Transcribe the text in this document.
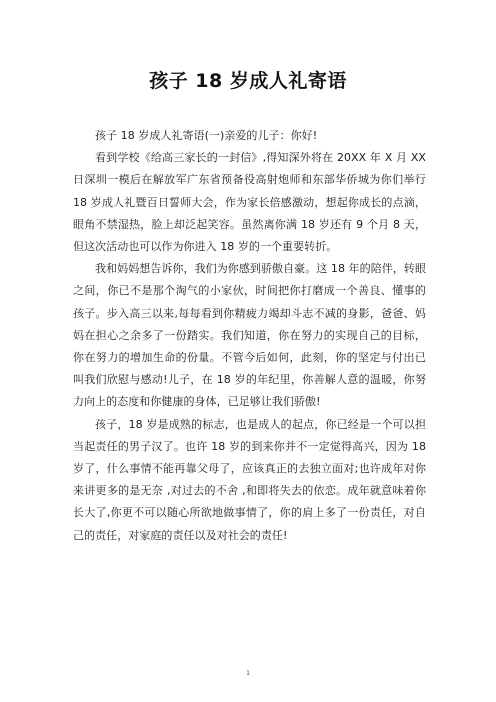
孩子 18 岁成人礼寄语

孩子 18 岁成人礼寄语(一)亲爱的儿子：你好!

看到学校《给高三家长的一封信》,得知深外将在 20XX 年 X 月 XX 日深圳一模后在解放军广东省预备役高射炮师和东部华侨城为你们举行 18 岁成人礼暨百日誓师大会，作为家长倍感激动，想起你成长的点滴，眼角不禁湿热，脸上却泛起笑容。虽然离你满 18 岁还有 9 个月 8 天，但这次活动也可以作为你进入 18 岁的一个重要转折。

我和妈妈想告诉你，我们为你感到骄傲自豪。这 18 年的陪伴，转眼之间，你已不是那个淘气的小家伙，时间把你打磨成一个善良、懂事的孩子。步入高三以来,每每看到你精疲力竭却斗志不减的身影，爸爸、妈妈在担心之余多了一份踏实。我们知道，你在努力的实现自己的目标，你在努力的增加生命的份量。不管今后如何，此刻，你的坚定与付出已叫我们欣慰与感动!儿子，在 18 岁的年纪里，你善解人意的温暖，你努力向上的态度和你健康的身体，已足够让我们骄傲!

孩子，18 岁是成熟的标志，也是成人的起点，你已经是一个可以担当起责任的男子汉了。也许 18 岁的到来你并不一定觉得高兴，因为 18 岁了，什么事情不能再靠父母了，应该真正的去独立面对;也许成年对你来讲更多的是无奈 ,对过去的不舍 ,和即将失去的依恋。成年就意味着你长大了,你更不可以随心所欲地做事情了，你的肩上多了一份责任，对自己的责任，对家庭的责任以及对社会的责任!

1
